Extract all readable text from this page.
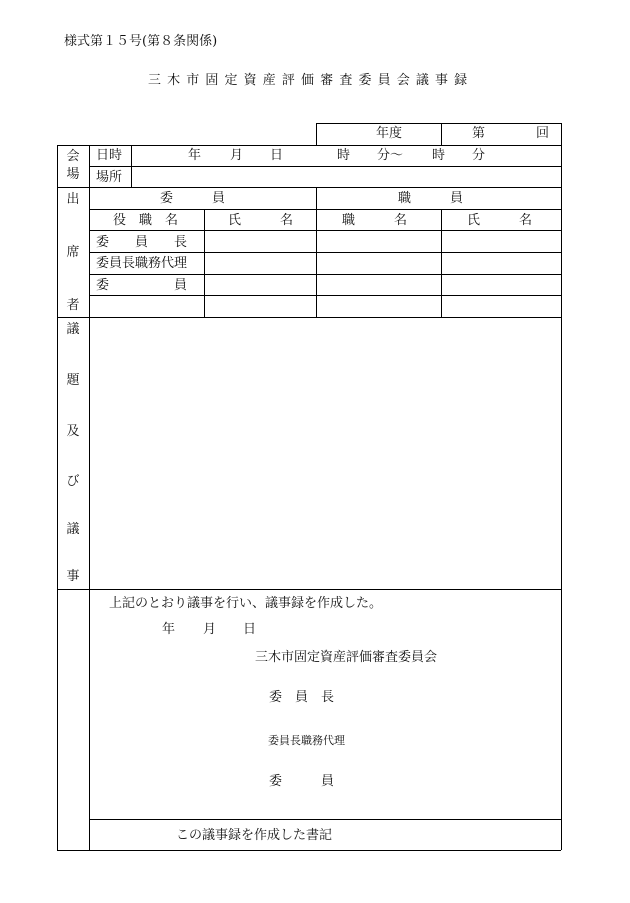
様式第１５号(第８条関係)
三 木 市 固 定 資 産 評 価 審 査 委 員 会 議 事 録
年度	第	回
会
場
日時	年 月 日	時 分～ 時 分
場所
出
席
者
委　　　員	職　　　員
役　職　名	氏　　　名	職　　　名	氏　　　名
委　　員　　長
委員長職務代理
委　　　　　員
議
題
及
び
議
事
上記のとおり議事を行い、議事録を作成した。
年 月 日
三木市固定資産評価審査委員会
委　員　長
委員長職務代理
委　　　員
この議事録を作成した書記
